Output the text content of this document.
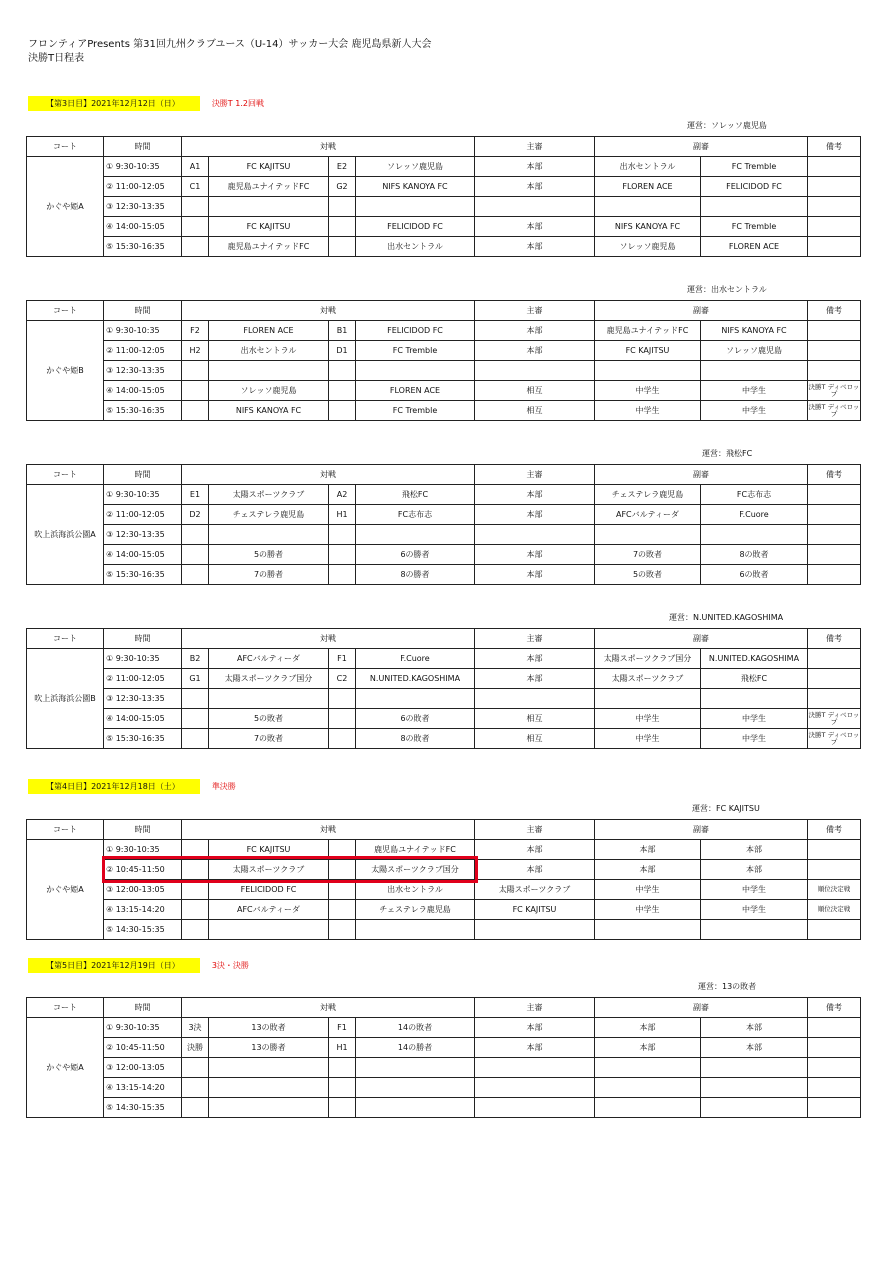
フロンティアPresents 第31回九州クラブユース（U-14）サッカー大会 鹿児島県新人大会
決勝T日程表
【第3日目】2021年12月12日（日）	決勝T 1.2回戦
【第4日目】2021年12月18日（土）	準決勝
【第5日目】2021年12月19日（日）	3決・決勝
運営：ソレッソ鹿児島
コート	時間	対戦				主審	副審		備考
かぐや姫A	① 9:30-10:35	A1	FC KAJITSU	E2	ソレッソ鹿児島	本部	出水セントラル	FC Tremble	
	② 11:00-12:05	C1	鹿児島ユナイテッドFC	G2	NIFS KANOYA FC	本部	FLOREN ACE	FELICIDOD FC	
	③ 12:30-13:35								
	④ 14:00-15:05		FC KAJITSU		FELICIDOD FC	本部	NIFS KANOYA FC	FC Tremble	
	⑤ 15:30-16:35		鹿児島ユナイテッドFC		出水セントラル	本部	ソレッソ鹿児島	FLOREN ACE	
運営：出水セントラル
コート	時間	対戦				主審	副審		備考
かぐや姫B	① 9:30-10:35	F2	FLOREN ACE	B1	FELICIDOD FC	本部	鹿児島ユナイテッドFC	NIFS KANOYA FC	
	② 11:00-12:05	H2	出水セントラル	D1	FC Tremble	本部	FC KAJITSU	ソレッソ鹿児島	
	③ 12:30-13:35								
	④ 14:00-15:05		ソレッソ鹿児島		FLOREN ACE	相互	中学生	中学生	決勝T ディベロップ
	⑤ 15:30-16:35		NIFS KANOYA FC		FC Tremble	相互	中学生	中学生	決勝T ディベロップ
運営：飛松FC
コート	時間	対戦				主審	副審		備考
吹上浜海浜公園A	① 9:30-10:35	E1	太陽スポーツクラブ	A2	飛松FC	本部	チェステレラ鹿児島	FC志布志	
	② 11:00-12:05	D2	チェステレラ鹿児島	H1	FC志布志	本部	AFCバルティーダ	F.Cuore	
	③ 12:30-13:35								
	④ 14:00-15:05		5の勝者		6の勝者	本部	7の敗者	8の敗者	
	⑤ 15:30-16:35		7の勝者		8の勝者	本部	5の敗者	6の敗者	
運営：N.UNITED.KAGOSHIMA
コート	時間	対戦				主審	副審		備考
吹上浜海浜公園B	① 9:30-10:35	B2	AFCバルティーダ	F1	F.Cuore	本部	太陽スポーツクラブ国分	N.UNITED.KAGOSHIMA	
	② 11:00-12:05	G1	太陽スポーツクラブ国分	C2	N.UNITED.KAGOSHIMA	本部	太陽スポーツクラブ	飛松FC	
	③ 12:30-13:35								
	④ 14:00-15:05		5の敗者		6の敗者	相互	中学生	中学生	決勝T ディベロップ
	⑤ 15:30-16:35		7の敗者		8の敗者	相互	中学生	中学生	決勝T ディベロップ
運営：FC KAJITSU
コート	時間	対戦				主審	副審		備考
かぐや姫A	① 9:30-10:35		FC KAJITSU		鹿児島ユナイテッドFC	本部	本部	本部	
	② 10:45-11:50		太陽スポーツクラブ		太陽スポーツクラブ国分	本部	本部	本部	
	③ 12:00-13:05		FELICIDOD FC		出水セントラル	太陽スポーツクラブ	中学生	中学生	順位決定戦
	④ 13:15-14:20		AFCバルティーダ		チェステレラ鹿児島	FC KAJITSU	中学生	中学生	順位決定戦
	⑤ 14:30-15:35								
運営：13の敗者
コート	時間	対戦				主審	副審		備考
かぐや姫A	① 9:30-10:35	3決	13の敗者	F1	14の敗者	本部	本部	本部	
	② 10:45-11:50	決勝	13の勝者	H1	14の勝者	本部	本部	本部	
	③ 12:00-13:05								
	④ 13:15-14:20								
	⑤ 14:30-15:35								
